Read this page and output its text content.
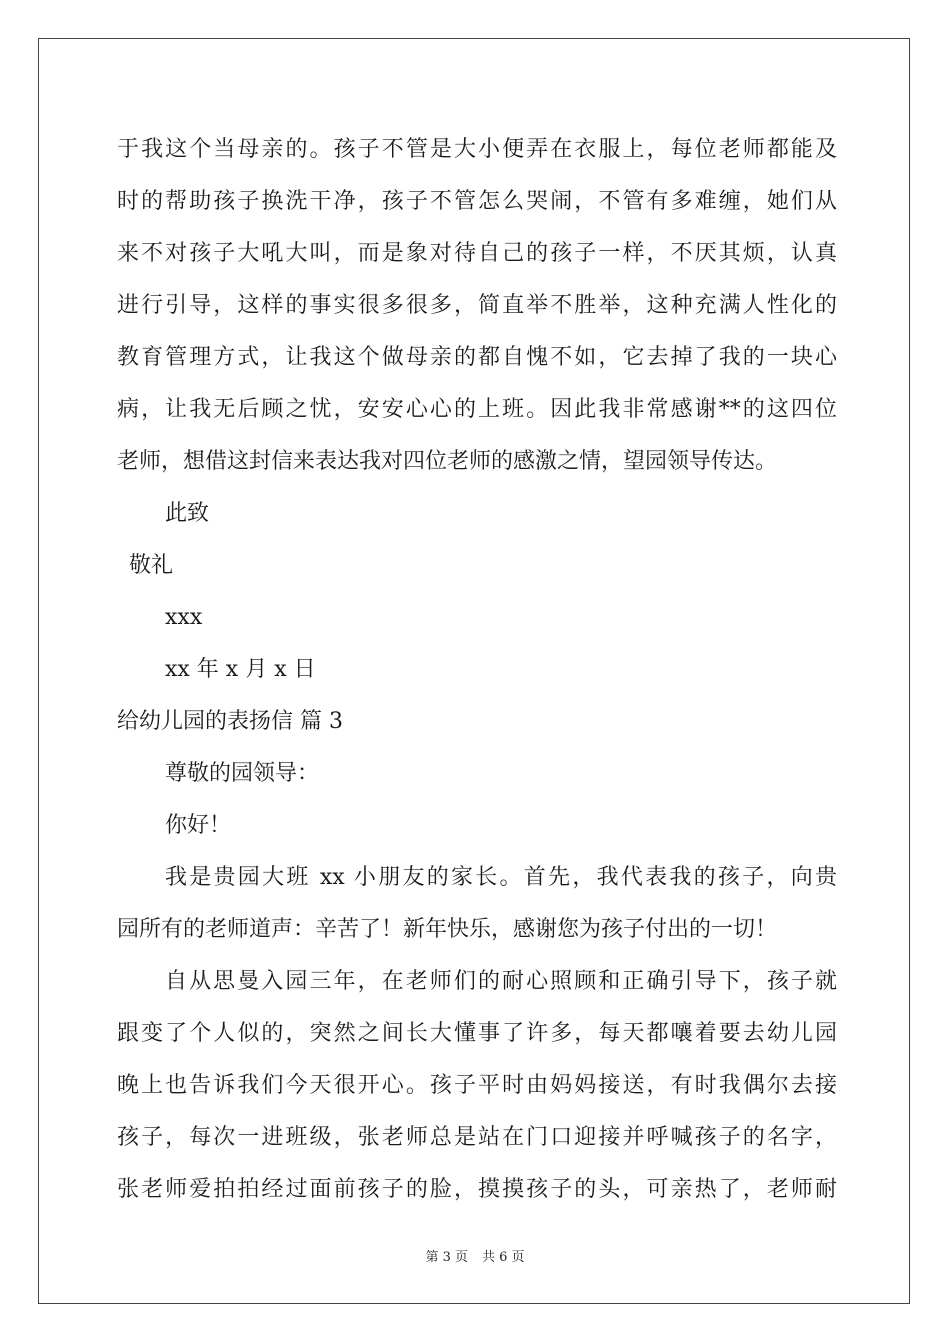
于我这个当母亲的。孩子不管是大小便弄在衣服上，每位老师都能及
时的帮助孩子换洗干净，孩子不管怎么哭闹，不管有多难缠，她们从
来不对孩子大吼大叫，而是象对待自己的孩子一样，不厌其烦，认真
进行引导，这样的事实很多很多，简直举不胜举，这种充满人性化的
教育管理方式，让我这个做母亲的都自愧不如，它去掉了我的一块心
病，让我无后顾之忧，安安心心的上班。因此我非常感谢**的这四位
老师，想借这封信来表达我对四位老师的感激之情，望园领导传达。
此致
敬礼
xxx
xx 年 x 月 x 日
给幼儿园的表扬信 篇 3
尊敬的园领导：
你好！
我是贵园大班 xx 小朋友的家长。首先，我代表我的孩子，向贵
园所有的老师道声：辛苦了！新年快乐，感谢您为孩子付出的一切！
自从思曼入园三年，在老师们的耐心照顾和正确引导下，孩子就
跟变了个人似的，突然之间长大懂事了许多，每天都嚷着要去幼儿园
晚上也告诉我们今天很开心。孩子平时由妈妈接送，有时我偶尔去接
孩子，每次一进班级，张老师总是站在门口迎接并呼喊孩子的名字，
张老师爱拍拍经过面前孩子的脸，摸摸孩子的头，可亲热了，老师耐
第 3 页 共 6 页
